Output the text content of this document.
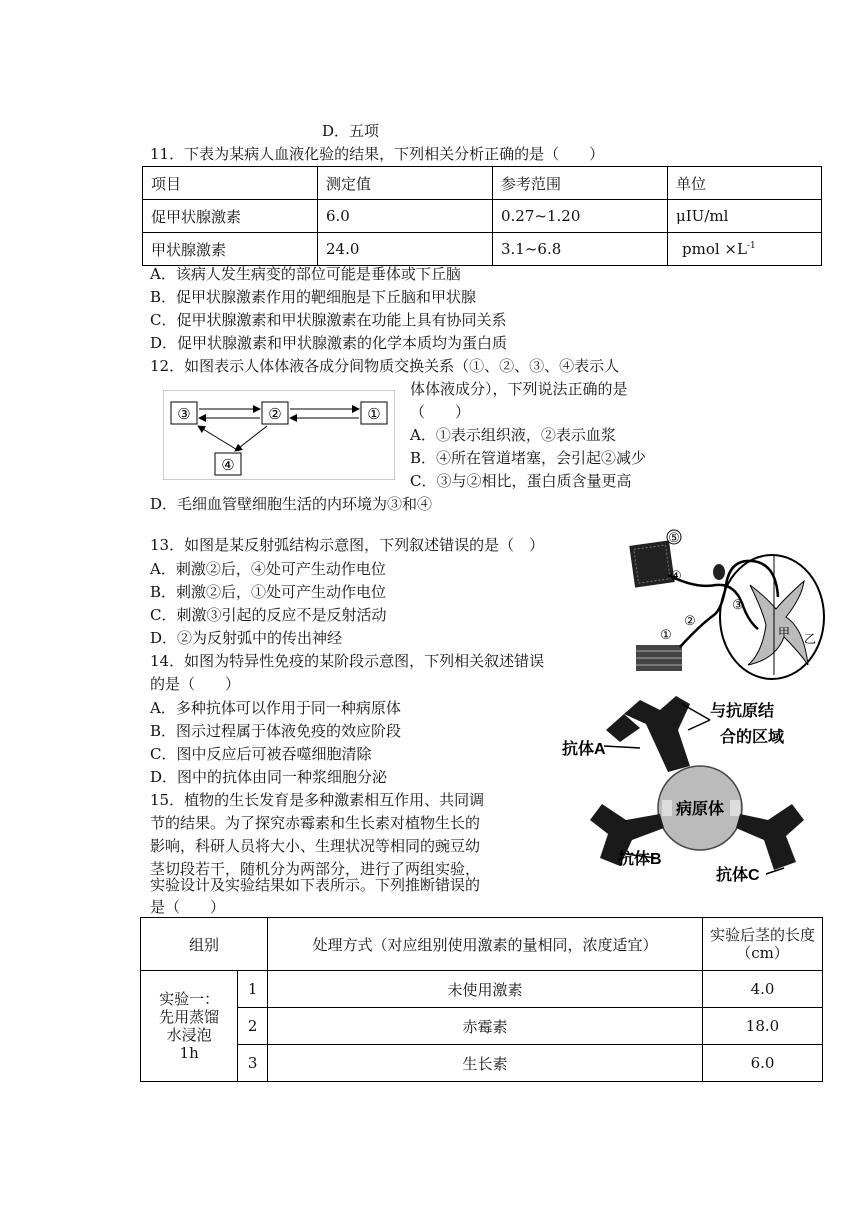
D．五项
11．下表为某病人血液化验的结果，下列相关分析正确的是（　　）
项目	测定值	参考范围	单位
促甲状腺激素	6.0	0.27~1.20	μIU/ml
甲状腺激素	24.0	3.1~6.8	pmol $\times L^{-1}$
A．该病人发生病变的部位可能是垂体或下丘脑
B．促甲状腺激素作用的靶细胞是下丘脑和甲状腺
C．促甲状腺激素和甲状腺激素在功能上具有协同关系
D．促甲状腺激素和甲状腺激素的化学本质均为蛋白质
12．如图表示人体体液各成分间物质交换关系（①、②、③、④表示人
体体液成分），下列说法正确的是
（　　）
A．①表示组织液，②表示血浆
B．④所在管道堵塞，会引起②减少
C．③与②相比，蛋白质含量更高
D．毛细血管壁细胞生活的内环境为③和④
③	②	①
④
13．如图是某反射弧结构示意图，下列叙述错误的是（　）
A．刺激②后，④处可产生动作电位
B．刺激②后，①处可产生动作电位
C．刺激③引起的反应不是反射活动
D．②为反射弧中的传出神经
⑤
④
③
②
①	甲 乙
14．如图为特异性免疫的某阶段示意图，下列相关叙述错误
的是（　　）
A．多种抗体可以作用于同一种病原体
B．图示过程属于体液免疫的效应阶段
C．图中反应后可被吞噬细胞清除
D．图中的抗体由同一种浆细胞分泌
与抗原结
合的区域
抗体A
病原体
抗体B
抗体C
15．植物的生长发育是多种激素相互作用、共同调
节的结果。为了探究赤霉素和生长素对植物生长的
影响，科研人员将大小、生理状况等相同的豌豆幼
茎切段若干，随机分为两部分，进行了两组实验，
实验设计及实验结果如下表所示。下列推断错误的
是（　　）
组别		处理方式（对应组别使用激素的量相同，浓度适宜）	实验后茎的长度
（cm）

实验一：
先用蒸馏
水浸泡
1h	1	未使用激素	4.0
	2	赤霉素	18.0
	3	生长素	6.0
